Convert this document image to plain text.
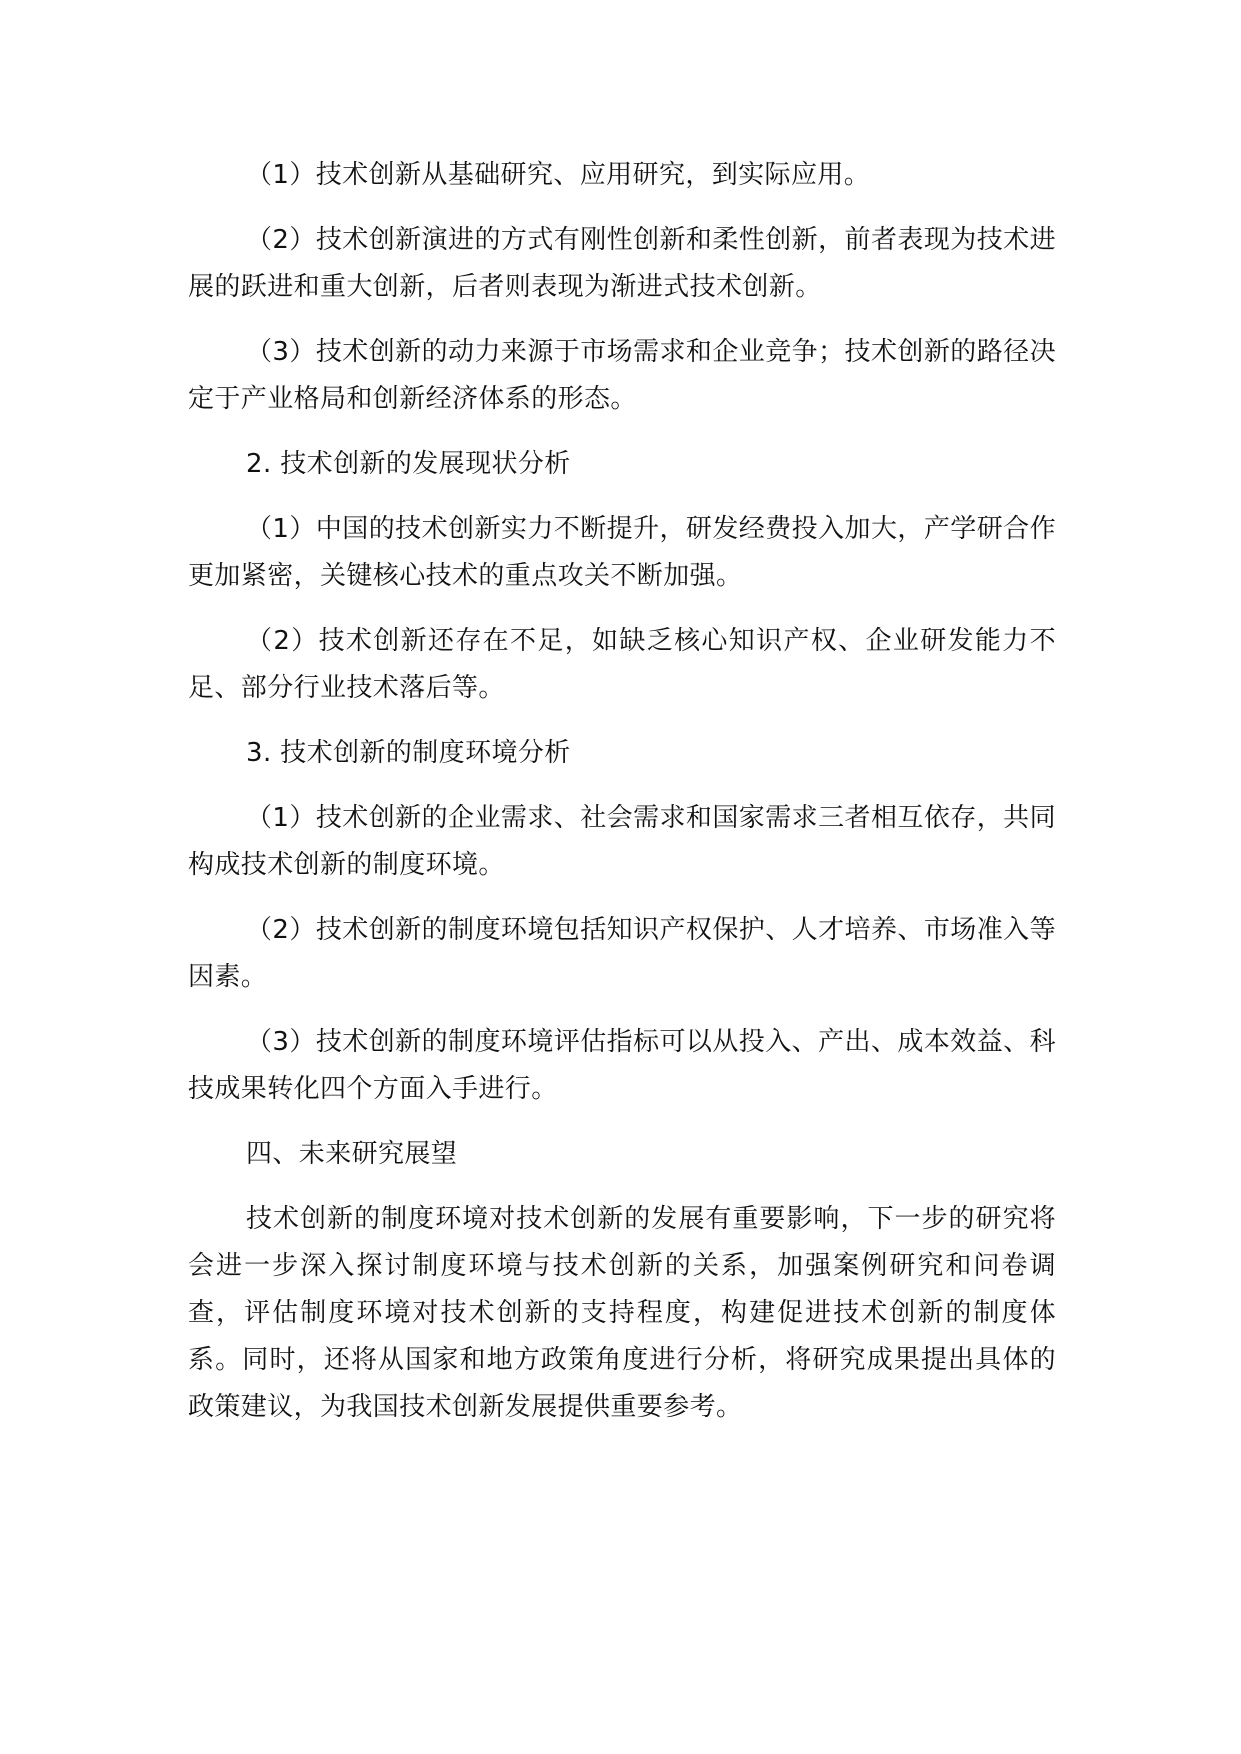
（1）技术创新从基础研究、应用研究，到实际应用。

（2）技术创新演进的方式有刚性创新和柔性创新，前者表现为技术进展的跃进和重大创新，后者则表现为渐进式技术创新。

（3）技术创新的动力来源于市场需求和企业竞争；技术创新的路径决定于产业格局和创新经济体系的形态。

2. 技术创新的发展现状分析

（1）中国的技术创新实力不断提升，研发经费投入加大，产学研合作更加紧密，关键核心技术的重点攻关不断加强。

（2）技术创新还存在不足，如缺乏核心知识产权、企业研发能力不足、部分行业技术落后等。

3. 技术创新的制度环境分析

（1）技术创新的企业需求、社会需求和国家需求三者相互依存，共同构成技术创新的制度环境。

（2）技术创新的制度环境包括知识产权保护、人才培养、市场准入等因素。

（3）技术创新的制度环境评估指标可以从投入、产出、成本效益、科技成果转化四个方面入手进行。

四、未来研究展望

技术创新的制度环境对技术创新的发展有重要影响，下一步的研究将会进一步深入探讨制度环境与技术创新的关系，加强案例研究和问卷调查，评估制度环境对技术创新的支持程度，构建促进技术创新的制度体系。同时，还将从国家和地方政策角度进行分析，将研究成果提出具体的政策建议，为我国技术创新发展提供重要参考。
